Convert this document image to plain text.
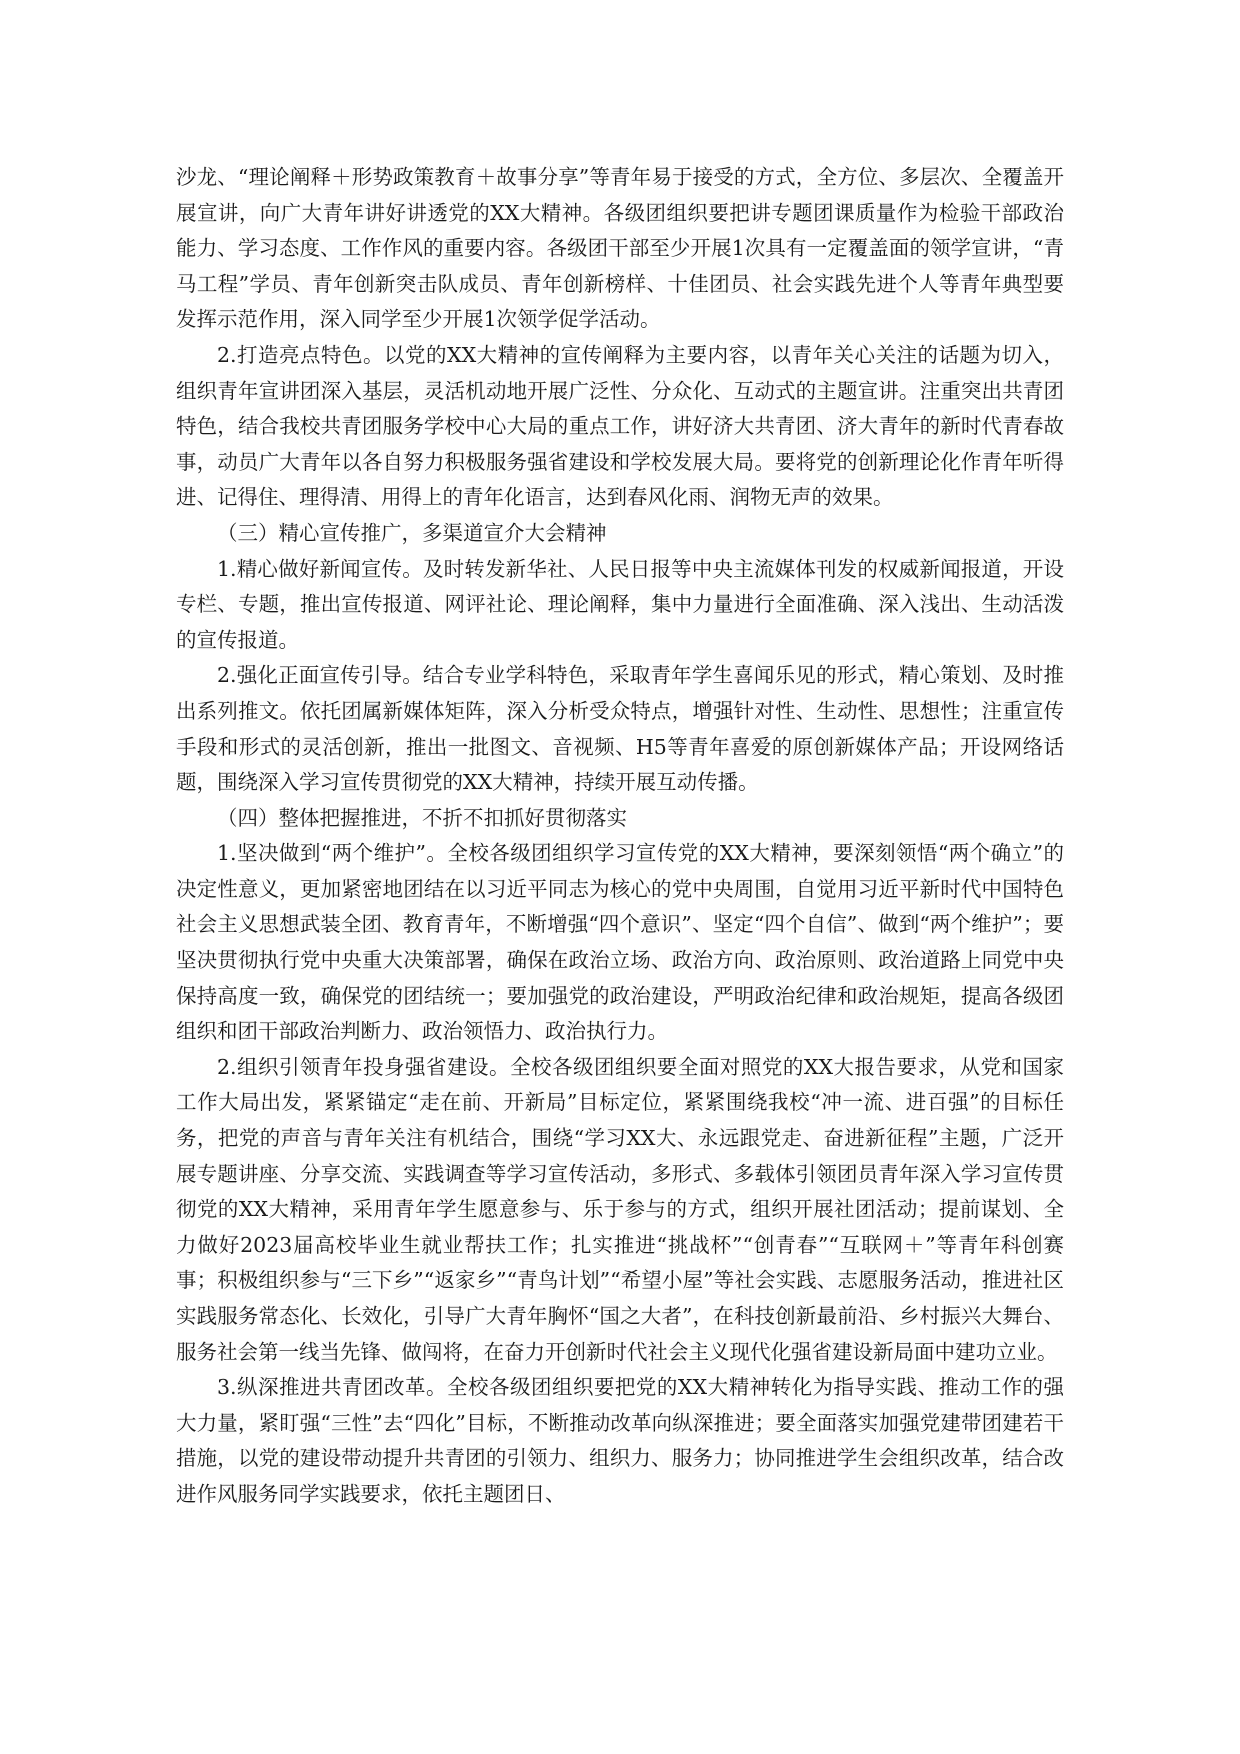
沙龙、“理论阐释＋形势政策教育＋故事分享”等青年易于接受的方式，全方位、多层次、全覆盖开展宣讲，向广大青年讲好讲透党的XX大精神。各级团组织要把讲专题团课质量作为检验干部政治能力、学习态度、工作作风的重要内容。各级团干部至少开展1次具有一定覆盖面的领学宣讲，“青马工程”学员、青年创新突击队成员、青年创新榜样、十佳团员、社会实践先进个人等青年典型要发挥示范作用，深入同学至少开展1次领学促学活动。

2.打造亮点特色。以党的XX大精神的宣传阐释为主要内容，以青年关心关注的话题为切入，组织青年宣讲团深入基层，灵活机动地开展广泛性、分众化、互动式的主题宣讲。注重突出共青团特色，结合我校共青团服务学校中心大局的重点工作，讲好济大共青团、济大青年的新时代青春故事，动员广大青年以各自努力积极服务强省建设和学校发展大局。要将党的创新理论化作青年听得进、记得住、理得清、用得上的青年化语言，达到春风化雨、润物无声的效果。

（三）精心宣传推广，多渠道宣介大会精神

1.精心做好新闻宣传。及时转发新华社、人民日报等中央主流媒体刊发的权威新闻报道，开设专栏、专题，推出宣传报道、网评社论、理论阐释，集中力量进行全面准确、深入浅出、生动活泼的宣传报道。

2.强化正面宣传引导。结合专业学科特色，采取青年学生喜闻乐见的形式，精心策划、及时推出系列推文。依托团属新媒体矩阵，深入分析受众特点，增强针对性、生动性、思想性；注重宣传手段和形式的灵活创新，推出一批图文、音视频、H5等青年喜爱的原创新媒体产品；开设网络话题，围绕深入学习宣传贯彻党的XX大精神，持续开展互动传播。

（四）整体把握推进，不折不扣抓好贯彻落实

1.坚决做到“两个维护”。全校各级团组织学习宣传党的XX大精神，要深刻领悟“两个确立”的决定性意义，更加紧密地团结在以习近平同志为核心的党中央周围，自觉用习近平新时代中国特色社会主义思想武装全团、教育青年，不断增强“四个意识”、坚定“四个自信”、做到“两个维护”；要坚决贯彻执行党中央重大决策部署，确保在政治立场、政治方向、政治原则、政治道路上同党中央保持高度一致，确保党的团结统一；要加强党的政治建设，严明政治纪律和政治规矩，提高各级团组织和团干部政治判断力、政治领悟力、政治执行力。

2.组织引领青年投身强省建设。全校各级团组织要全面对照党的XX大报告要求，从党和国家工作大局出发，紧紧锚定“走在前、开新局”目标定位，紧紧围绕我校“冲一流、进百强”的目标任务，把党的声音与青年关注有机结合，围绕“学习XX大、永远跟党走、奋进新征程”主题，广泛开展专题讲座、分享交流、实践调查等学习宣传活动，多形式、多载体引领团员青年深入学习宣传贯彻党的XX大精神，采用青年学生愿意参与、乐于参与的方式，组织开展社团活动；提前谋划、全力做好2023届高校毕业生就业帮扶工作；扎实推进“挑战杯”“创青春”“互联网＋”等青年科创赛事；积极组织参与“三下乡”“返家乡”“青鸟计划”“希望小屋”等社会实践、志愿服务活动，推进社区实践服务常态化、长效化，引导广大青年胸怀“国之大者”，在科技创新最前沿、乡村振兴大舞台、服务社会第一线当先锋、做闯将，在奋力开创新时代社会主义现代化强省建设新局面中建功立业。

3.纵深推进共青团改革。全校各级团组织要把党的XX大精神转化为指导实践、推动工作的强大力量，紧盯强“三性”去“四化”目标，不断推动改革向纵深推进；要全面落实加强党建带团建若干措施，以党的建设带动提升共青团的引领力、组织力、服务力；协同推进学生会组织改革，结合改进作风服务同学实践要求，依托主题团日、
